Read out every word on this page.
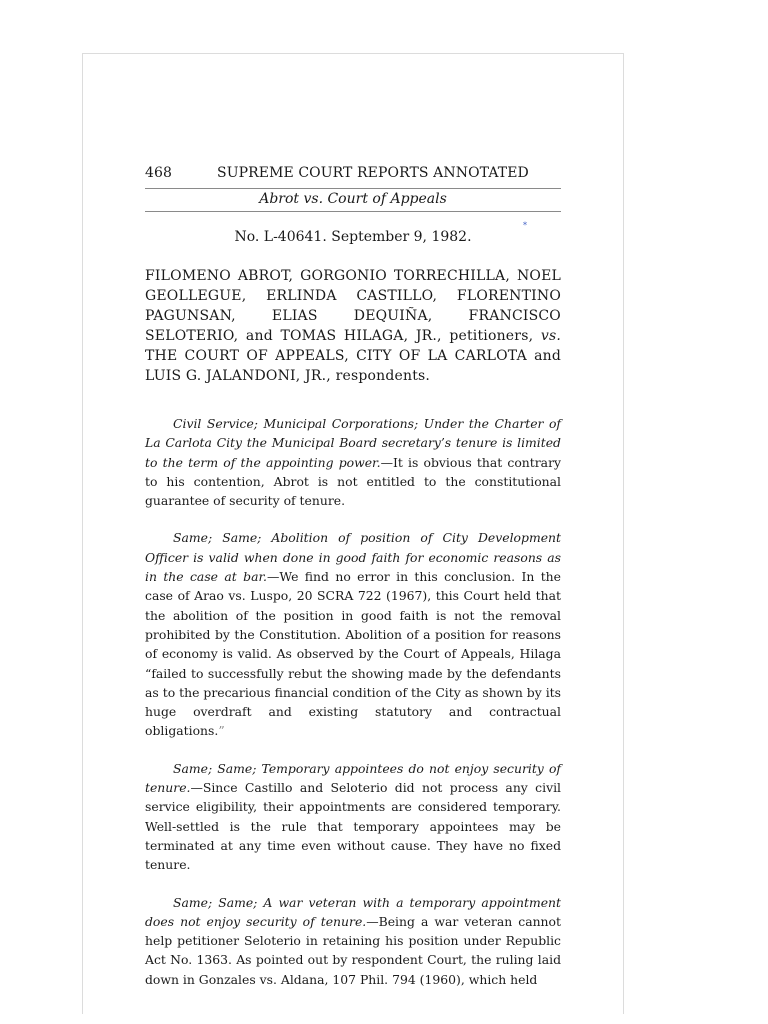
468	SUPREME COURT REPORTS ANNOTATED
Abrot vs. Court of Appeals
*
No. L-40641. September 9, 1982.

FILOMENO ABROT, GORGONIO TORRECHILLA, NOEL GEOLLEGUE, ERLINDA CASTILLO, FLORENTINO PAGUNSAN, ELIAS DEQUIÑA, FRANCISCO SELOTERIO, and TOMAS HILAGA, JR., petitioners, vs. THE COURT OF APPEALS, CITY OF LA CARLOTA and LUIS G. JALANDONI, JR., respondents.

Civil Service; Municipal Corporations; Under the Charter of La Carlota City the Municipal Board secretary’s tenure is limited to the term of the appointing power.—It is obvious that contrary to his contention, Abrot is not entitled to the constitutional guarantee of security of tenure.

Same; Same; Abolition of position of City Development Officer is valid when done in good faith for economic reasons as in the case at bar.—We find no error in this conclusion. In the case of Arao vs. Luspo, 20 SCRA 722 (1967), this Court held that the abolition of the position in good faith is not the removal prohibited by the Constitution. Abolition of a position for reasons of economy is valid. As observed by the Court of Appeals, Hilaga “failed to successfully rebut the showing made by the defendants as to the precarious financial condition of the City as shown by its huge overdraft and existing statutory and contractual obligations.”

Same; Same; Temporary appointees do not enjoy security of tenure.—Since Castillo and Seloterio did not process any civil service eligibility, their appointments are considered temporary. Well-settled is the rule that temporary appointees may be terminated at any time even without cause. They have no fixed tenure.

Same; Same; A war veteran with a temporary appointment does not enjoy security of tenure.—Being a war veteran cannot help petitioner Seloterio in retaining his position under Republic Act No. 1363. As pointed out by respondent Court, the ruling laid down in Gonzales vs. Aldana, 107 Phil. 794 (1960), which held
